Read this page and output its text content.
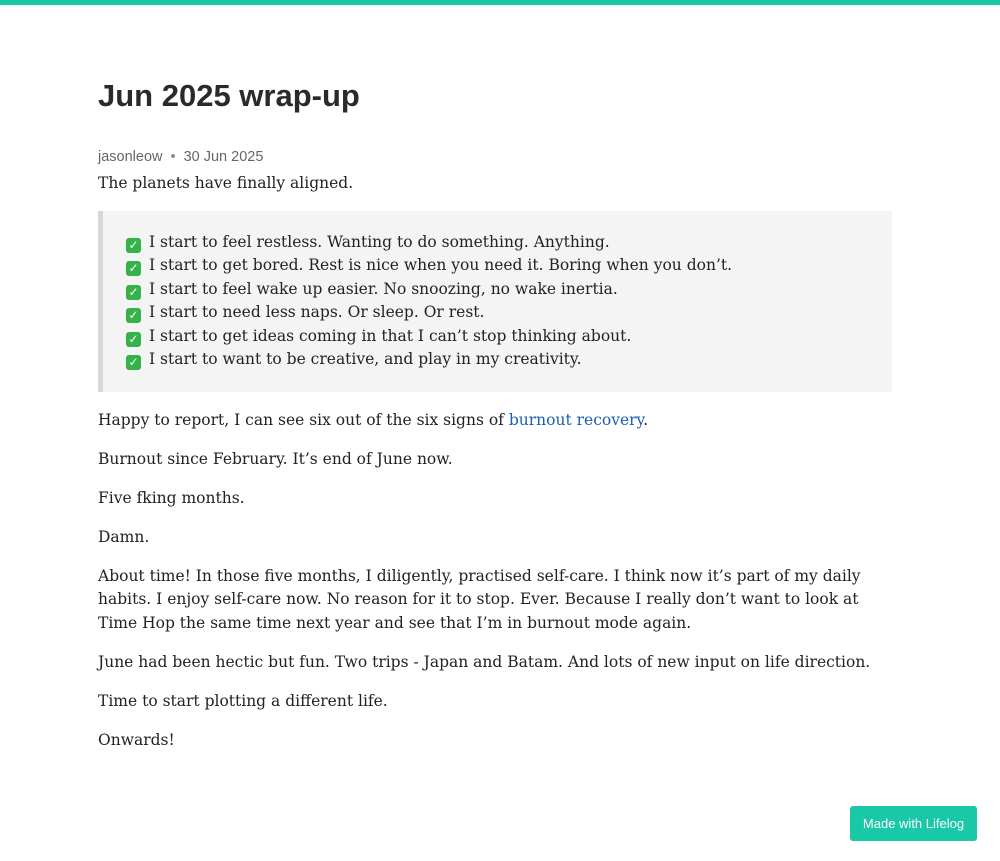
Jun 2025 wrap-up
jasonleow • 30 Jun 2025

The planets have finally aligned.

✓ I start to feel restless. Wanting to do something. Anything.
✓ I start to get bored. Rest is nice when you need it. Boring when you don’t.
✓ I start to feel wake up easier. No snoozing, no wake inertia.
✓ I start to need less naps. Or sleep. Or rest.
✓ I start to get ideas coming in that I can’t stop thinking about.
✓ I start to want to be creative, and play in my creativity.

Happy to report, I can see six out of the six signs of burnout recovery.

Burnout since February. It’s end of June now.

Five fking months.

Damn.

About time! In those five months, I diligently, practised self-care. I think now it’s part of my daily habits. I enjoy self-care now. No reason for it to stop. Ever. Because I really don’t want to look at Time Hop the same time next year and see that I’m in burnout mode again.

June had been hectic but fun. Two trips - Japan and Batam. And lots of new input on life direction.

Time to start plotting a different life.

Onwards!

Made with Lifelog
